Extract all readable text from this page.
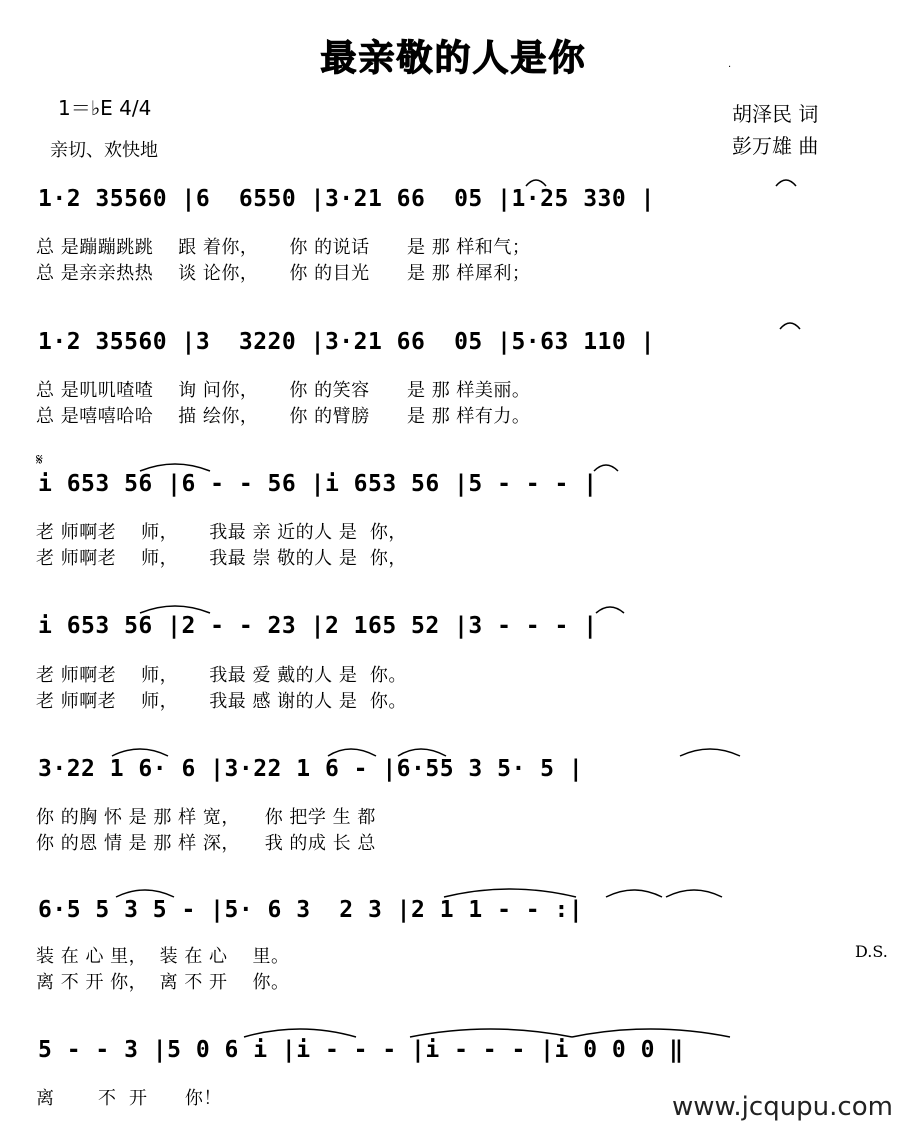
最亲敬的人是你	·
1＝♭E 4/4
亲切、欢快地
胡泽民 词
彭万雄 曲
𝄋
D.S.
1·2 35560 |6  6550 |3·21 66  05 |1·25 330 |
总 是蹦蹦跳跳    跟 着你，     你 的说话      是 那 样和气；
总 是亲亲热热    谈 论你，     你 的目光      是 那 样犀利；
1·2 35560 |3  3220 |3·21 66  05 |5·63 110 |
总 是叽叽喳喳    询 问你，     你 的笑容      是 那 样美丽。
总 是嘻嘻哈哈    描 绘你，     你 的臂膀      是 那 样有力。
i 653 56 |6 - - 56 |i 653 56 |5 - - - |
老 师啊老    师，     我最 亲 近的人 是  你，
老 师啊老    师，     我最 崇 敬的人 是  你，
i 653 56 |2 - - 23 |2 165 52 |3 - - - |
老 师啊老    师，     我最 爱 戴的人 是  你。
老 师啊老    师，     我最 感 谢的人 是  你。
3·22 1 6· 6 |3·22 1 6 - |6·55 3 5· 5 |
你 的胸 怀 是 那 样 宽，    你 把学 生 都
你 的恩 情 是 那 样 深，    我 的成 长 总
6·5 5 3 5 - |5· 6 3  2 3 |2 1 1 - - :|
装 在 心 里，  装 在 心    里。
离 不 开 你，  离 不 开    你。
5 - - 3 |5 0 6 i |i - - - |i - - - |i 0 0 0 ‖
离       不  开      你！	www.jcqupu.com
